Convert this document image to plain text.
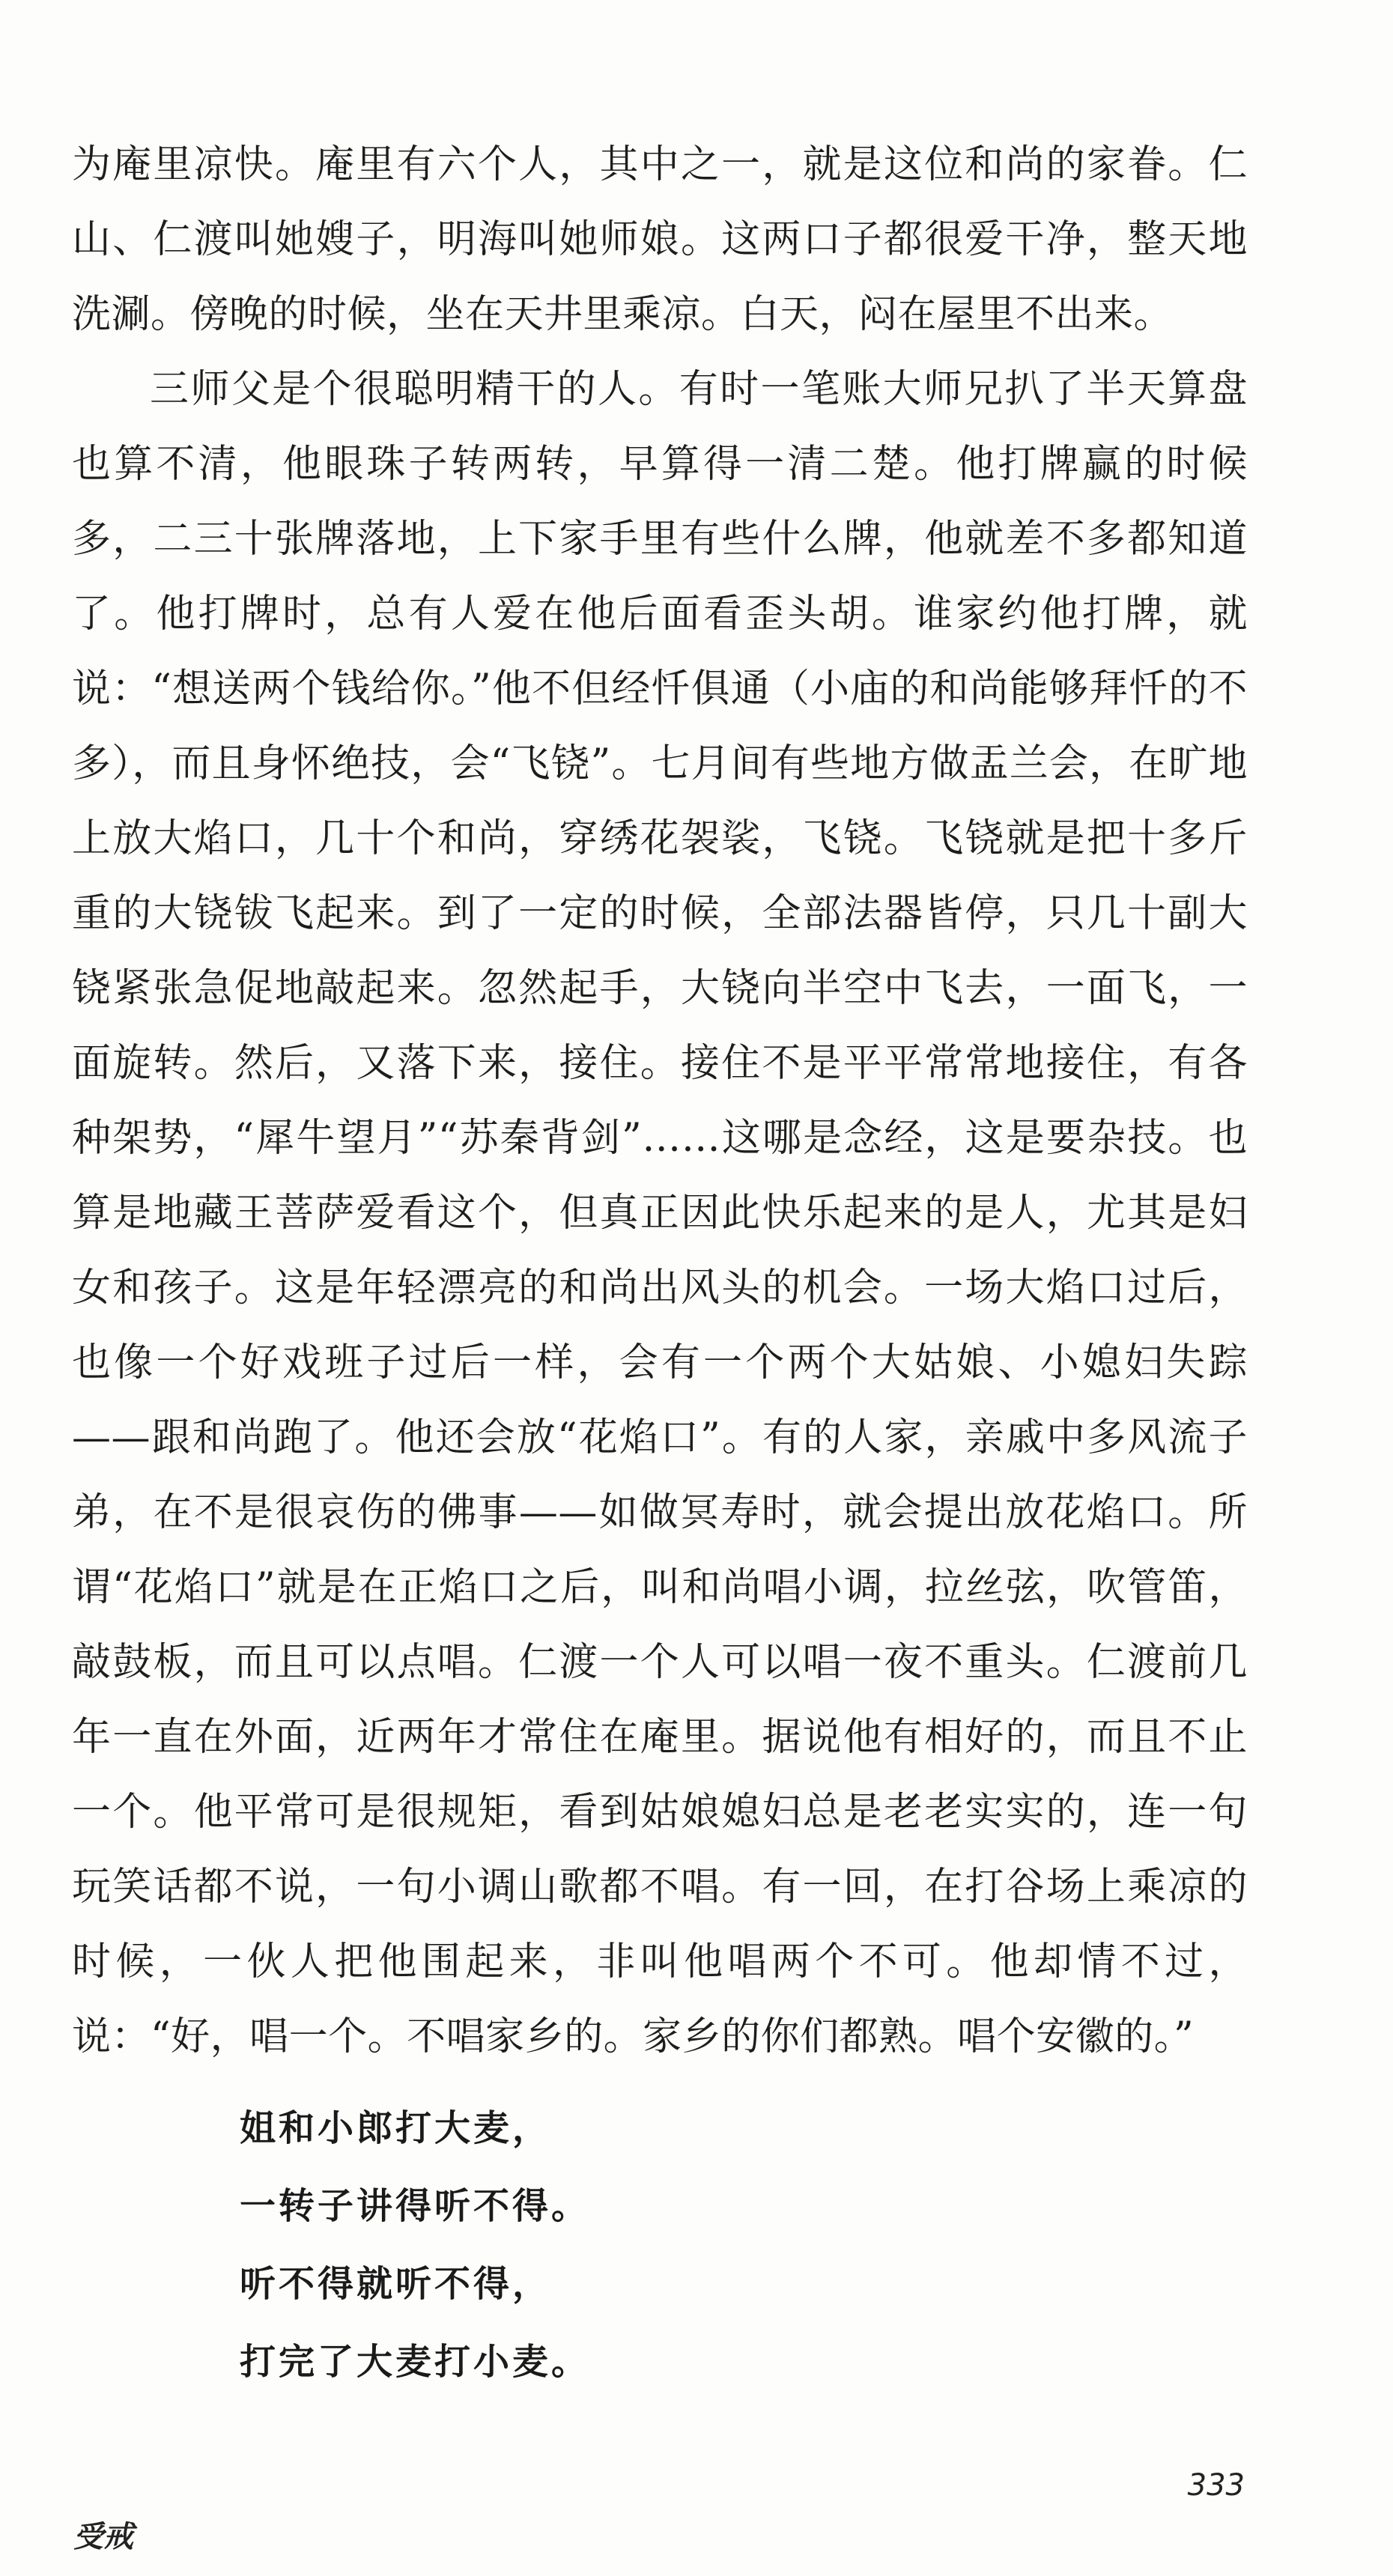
为庵里凉快。庵里有六个人，其中之一，就是这位和尚的家眷。仁山、仁渡叫她嫂子，明海叫她师娘。这两口子都很爱干净，整天地洗涮。傍晚的时候，坐在天井里乘凉。白天，闷在屋里不出来。

三师父是个很聪明精干的人。有时一笔账大师兄扒了半天算盘也算不清，他眼珠子转两转，早算得一清二楚。他打牌赢的时候多，二三十张牌落地，上下家手里有些什么牌，他就差不多都知道了。他打牌时，总有人爱在他后面看歪头胡。谁家约他打牌，就说：“想送两个钱给你。”他不但经忏俱通（小庙的和尚能够拜忏的不多），而且身怀绝技，会“飞铙”。七月间有些地方做盂兰会，在旷地上放大焰口，几十个和尚，穿绣花袈裟，飞铙。飞铙就是把十多斤重的大铙钹飞起来。到了一定的时候，全部法器皆停，只几十副大铙紧张急促地敲起来。忽然起手，大铙向半空中飞去，一面飞，一面旋转。然后，又落下来，接住。接住不是平平常常地接住，有各种架势，“犀牛望月”“苏秦背剑”……这哪是念经，这是要杂技。也算是地藏王菩萨爱看这个，但真正因此快乐起来的是人，尤其是妇女和孩子。这是年轻漂亮的和尚出风头的机会。一场大焰口过后，也像一个好戏班子过后一样，会有一个两个大姑娘、小媳妇失踪——跟和尚跑了。他还会放“花焰口”。有的人家，亲戚中多风流子弟，在不是很哀伤的佛事——如做冥寿时，就会提出放花焰口。所谓“花焰口”就是在正焰口之后，叫和尚唱小调，拉丝弦，吹管笛，敲鼓板，而且可以点唱。仁渡一个人可以唱一夜不重头。仁渡前几年一直在外面，近两年才常住在庵里。据说他有相好的，而且不止一个。他平常可是很规矩，看到姑娘媳妇总是老老实实的，连一句玩笑话都不说，一句小调山歌都不唱。有一回，在打谷场上乘凉的时候，一伙人把他围起来，非叫他唱两个不可。他却情不过，说：“好，唱一个。不唱家乡的。家乡的你们都熟。唱个安徽的。”

姐和小郎打大麦，
一转子讲得听不得。
听不得就听不得，
打完了大麦打小麦。
333
受戒
